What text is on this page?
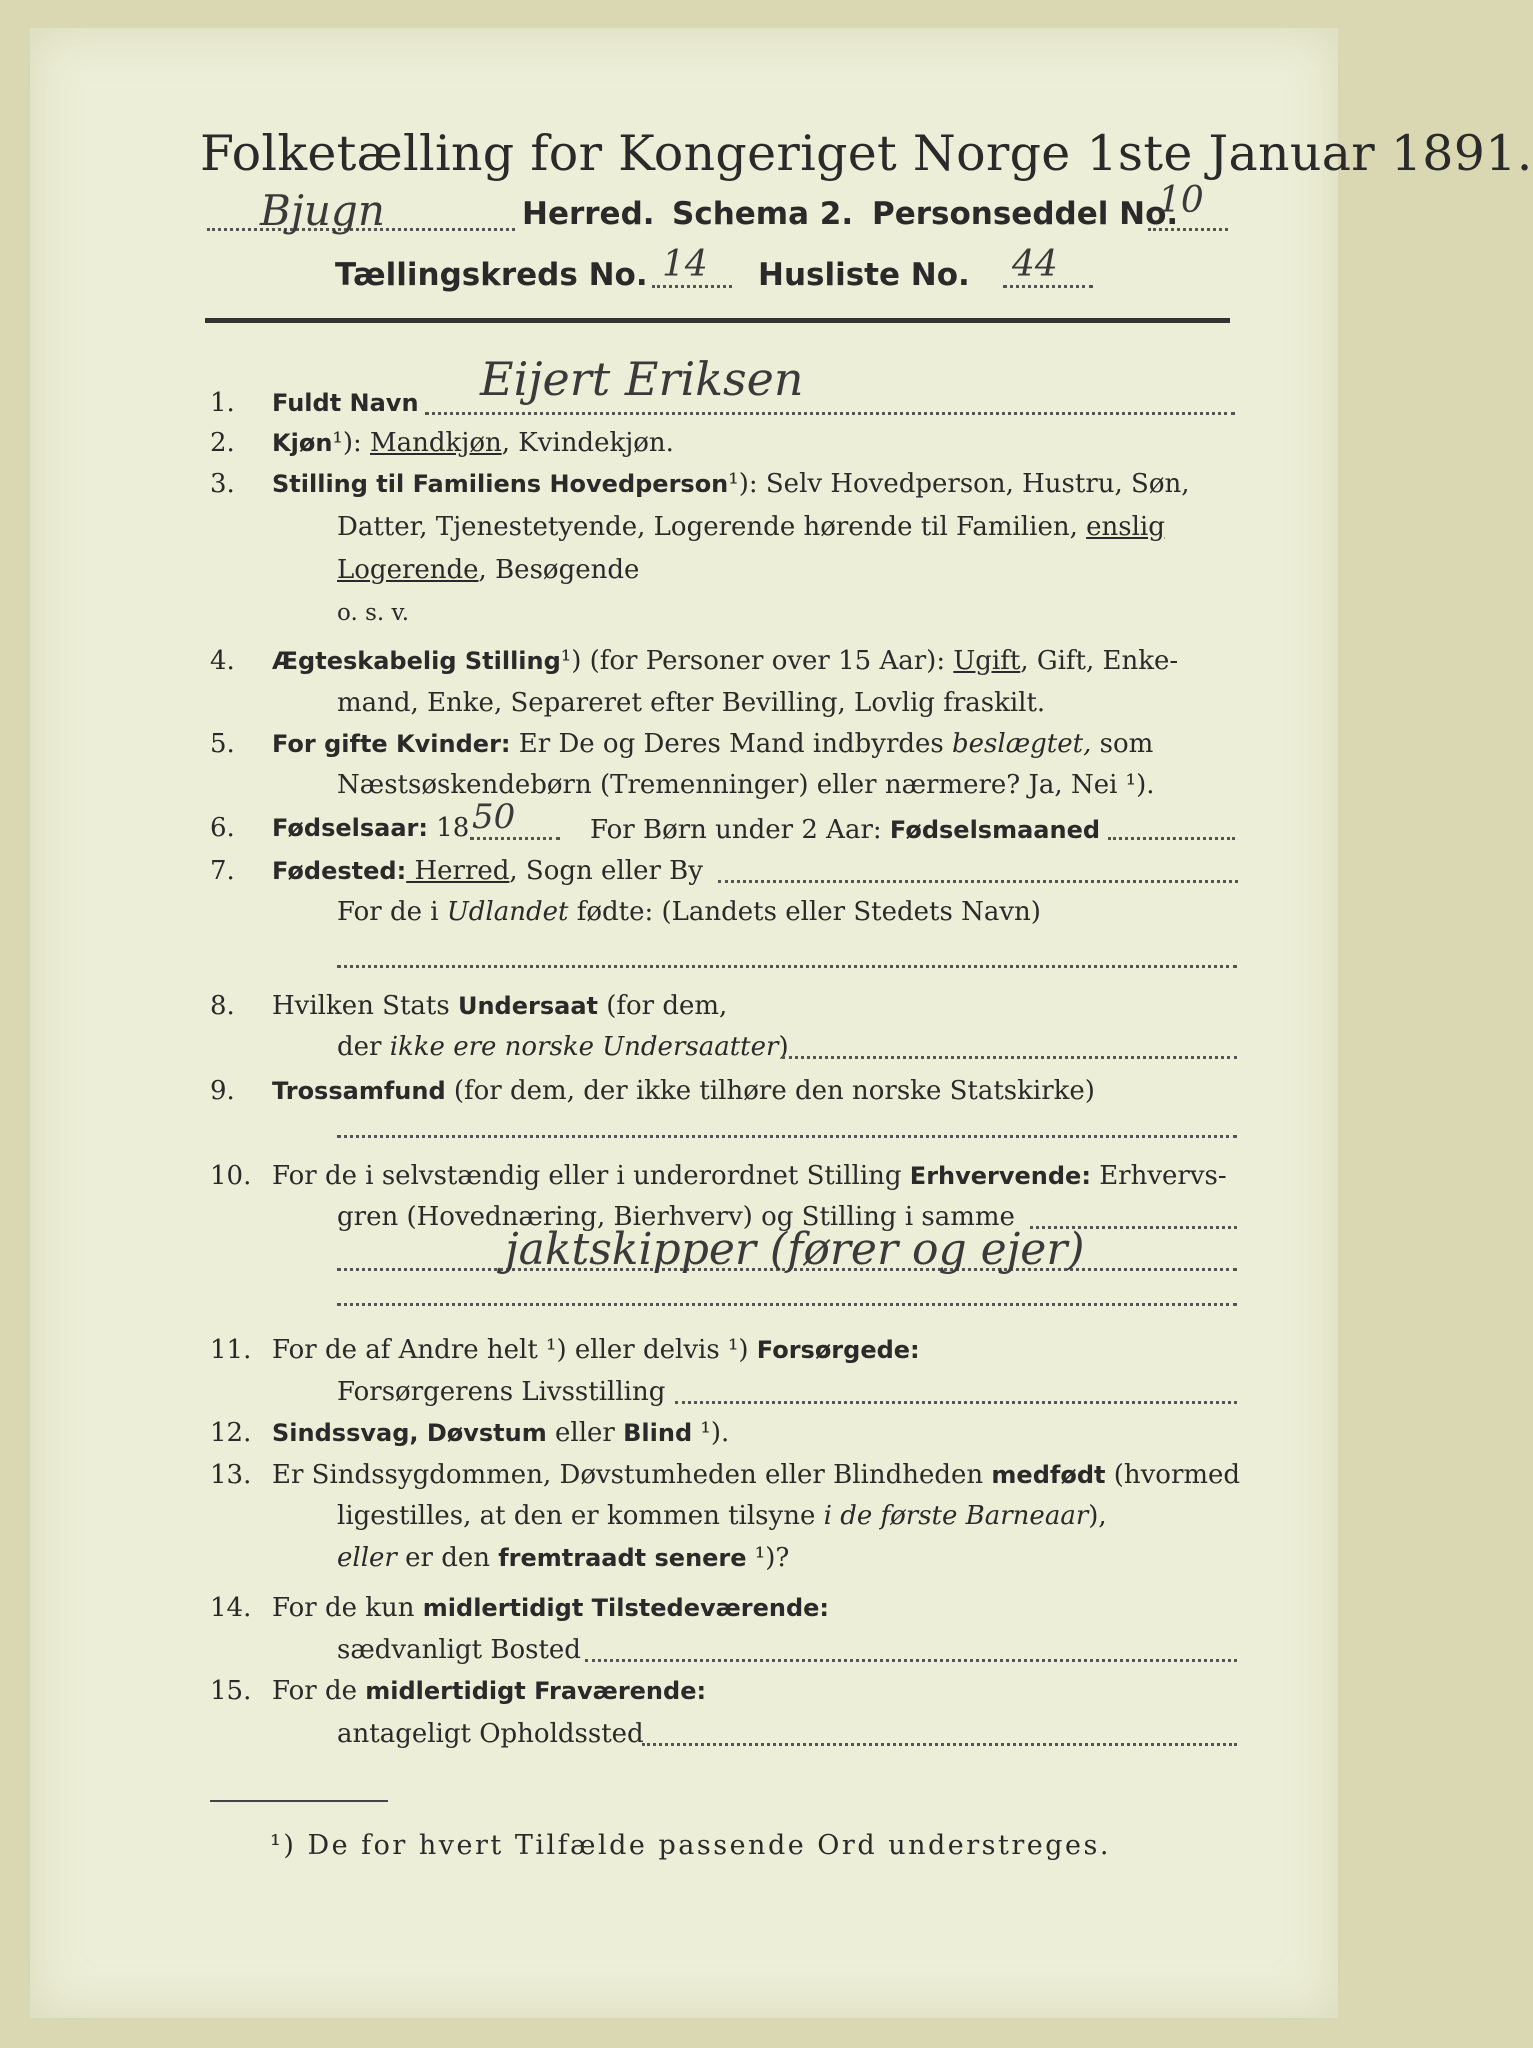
Folketælling for Kongeriget Norge 1ste Januar 1891.
Bjugn	Herred. Schema 2. Personseddel No.
10
Tællingskreds No. 14 Husliste No. 44
1. Fuldt Navn Eijert Eriksen
2. Kjøn¹): Mandkjøn, Kvindekjøn.
3. Stilling til Familiens Hovedperson¹): Selv Hovedperson, Hustru, Søn,
Datter, Tjenestetyende, Logerende hørende til Familien, enslig
Logerende, Besøgende
o. s. v.
4. Ægteskabelig Stilling¹) (for Personer over 15 Aar): Ugift, Gift, Enke-
mand, Enke, Separeret efter Bevilling, Lovlig fraskilt.
5. For gifte Kvinder: Er De og Deres Mand indbyrdes beslægtet, som
Næstsøskendebørn (Tremenninger) eller nærmere? Ja, Nei ¹).
6. Fødselsaar: 18 50	For Børn under 2 Aar: Fødselsmaaned
7. Fødested: Herred, Sogn eller By
For de i Udlandet fødte: (Landets eller Stedets Navn)
8. Hvilken Stats Undersaat (for dem,
der ikke ere norske Undersaatter)
9. Trossamfund (for dem, der ikke tilhøre den norske Statskirke)
10. For de i selvstændig eller i underordnet Stilling Erhvervende: Erhvervs-
gren (Hovednæring, Bierhverv) og Stilling i samme
jaktskipper (fører og ejer)
11. For de af Andre helt ¹) eller delvis ¹) Forsørgede:
Forsørgerens Livsstilling
12. Sindssvag, Døvstum eller Blind ¹).
13. Er Sindssygdommen, Døvstumheden eller Blindheden medfødt (hvormed
ligestilles, at den er kommen tilsyne i de første Barneaar),
eller er den fremtraadt senere ¹)?
14. For de kun midlertidigt Tilstedeværende:
sædvanligt Bosted
15. For de midlertidigt Fraværende:
antageligt Opholdssted
¹) De for hvert Tilfælde passende Ord understreges.
